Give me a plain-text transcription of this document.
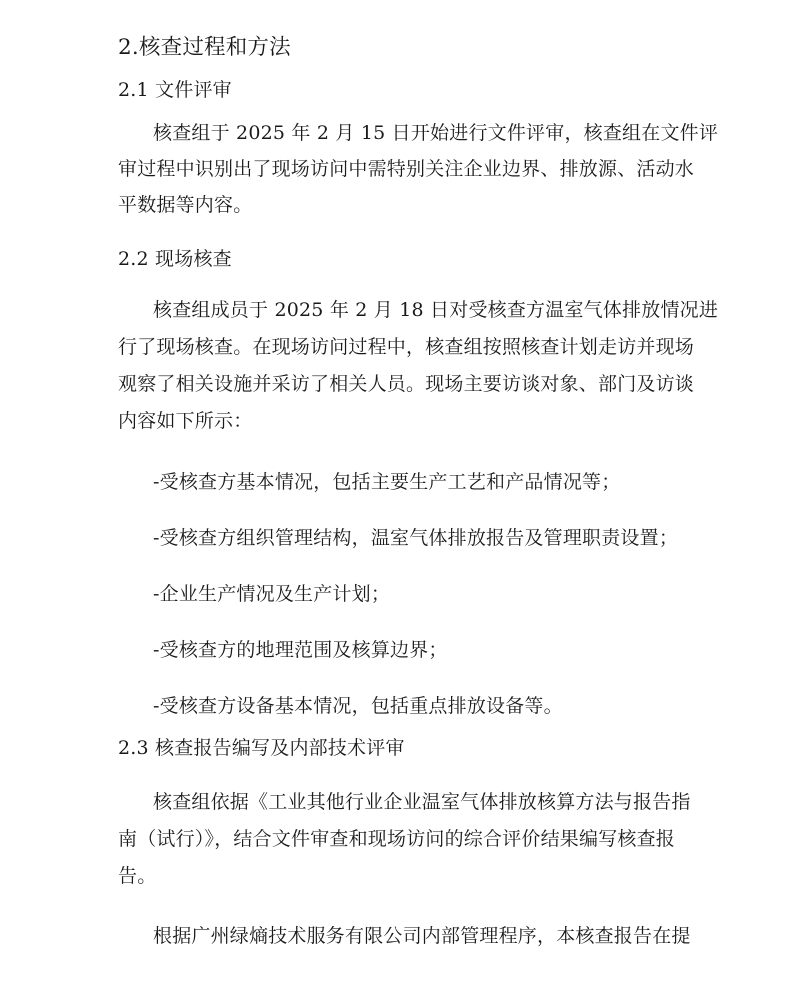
2.核查过程和方法
2.1 文件评审
核查组于 2025 年 2 月 15 日开始进行文件评审，核查组在文件评
审过程中识别出了现场访问中需特别关注企业边界、排放源、活动水
平数据等内容。
2.2 现场核查
核查组成员于 2025 年 2 月 18 日对受核查方温室气体排放情况进
行了现场核查。在现场访问过程中，核查组按照核查计划走访并现场
观察了相关设施并采访了相关人员。现场主要访谈对象、部门及访谈
内容如下所示：
-受核查方基本情况，包括主要生产工艺和产品情况等；
-受核查方组织管理结构，温室气体排放报告及管理职责设置；
-企业生产情况及生产计划；
-受核查方的地理范围及核算边界；
-受核查方设备基本情况，包括重点排放设备等。
2.3 核查报告编写及内部技术评审
核查组依据《工业其他行业企业温室气体排放核算方法与报告指
南（试行）》，结合文件审查和现场访问的综合评价结果编写核查报
告。
根据广州绿熵技术服务有限公司内部管理程序，本核查报告在提
